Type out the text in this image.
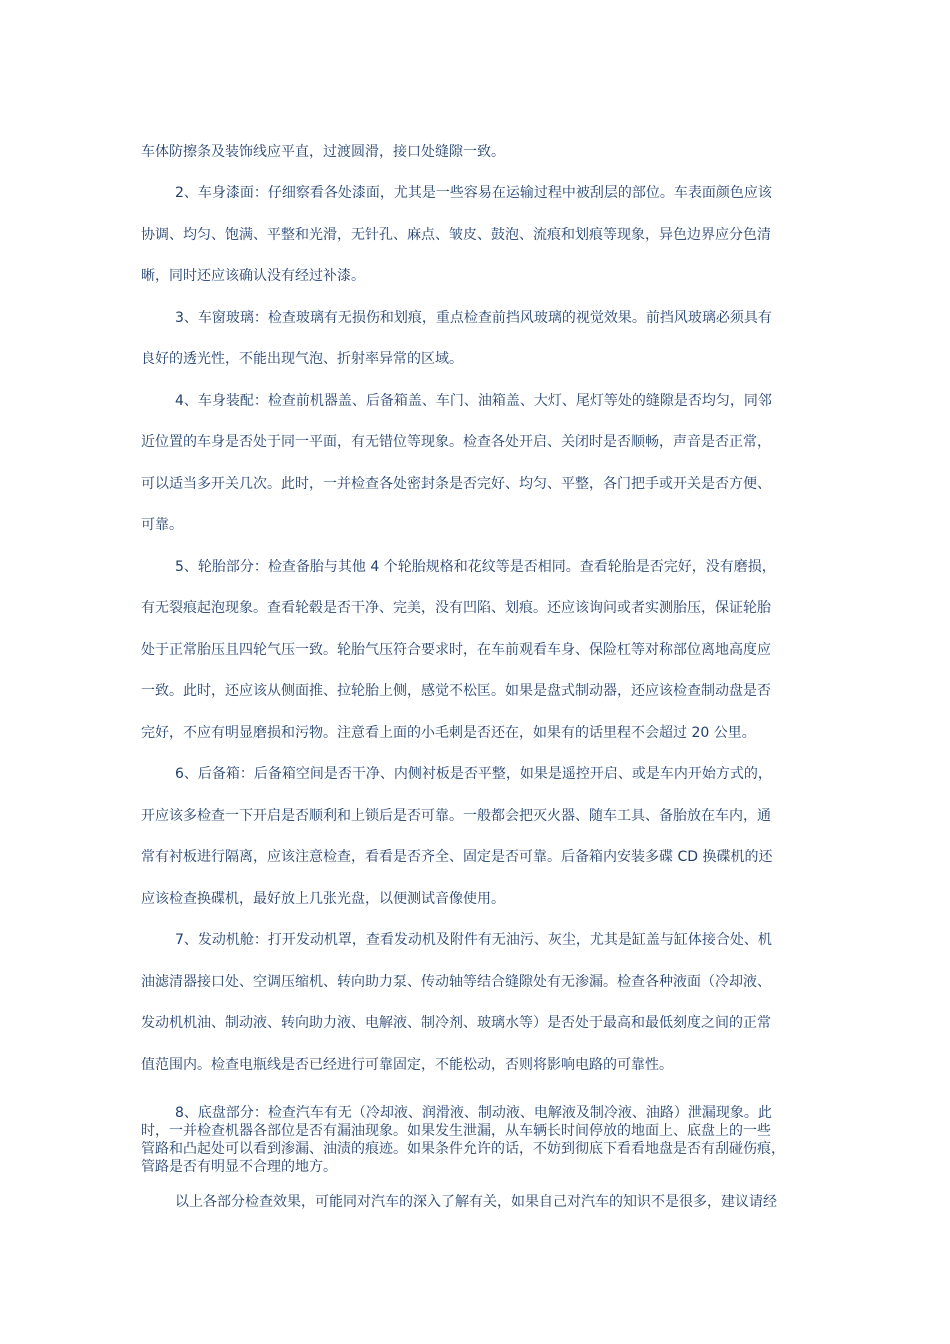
车体防擦条及装饰线应平直，过渡圆滑，接口处缝隙一致。
2、车身漆面：仔细察看各处漆面，尤其是一些容易在运输过程中被刮层的部位。车表面颜色应该
协调、均匀、饱满、平整和光滑，无针孔、麻点、皱皮、鼓泡、流痕和划痕等现象，异色边界应分色清
晰，同时还应该确认没有经过补漆。
3、车窗玻璃：检查玻璃有无损伤和划痕，重点检查前挡风玻璃的视觉效果。前挡风玻璃必须具有
良好的透光性，不能出现气泡、折射率异常的区域。
4、车身装配：检查前机器盖、后备箱盖、车门、油箱盖、大灯、尾灯等处的缝隙是否均匀，同邻
近位置的车身是否处于同一平面，有无错位等现象。检查各处开启、关闭时是否顺畅，声音是否正常，
可以适当多开关几次。此时，一并检查各处密封条是否完好、均匀、平整，各门把手或开关是否方便、
可靠。
5、轮胎部分：检查备胎与其他 4 个轮胎规格和花纹等是否相同。查看轮胎是否完好，没有磨损，
有无裂痕起泡现象。查看轮毂是否干净、完美，没有凹陷、划痕。还应该询问或者实测胎压，保证轮胎
处于正常胎压且四轮气压一致。轮胎气压符合要求时，在车前观看车身、保险杠等对称部位离地高度应
一致。此时，还应该从侧面推、拉轮胎上侧，感觉不松匡。如果是盘式制动器，还应该检查制动盘是否
完好，不应有明显磨损和污物。注意看上面的小毛刺是否还在，如果有的话里程不会超过 20 公里。
6、后备箱：后备箱空间是否干净、内侧衬板是否平整，如果是遥控开启、或是车内开始方式的，
开应该多检查一下开启是否顺利和上锁后是否可靠。一般都会把灭火器、随车工具、备胎放在车内，通
常有衬板进行隔离，应该注意检查，看看是否齐全、固定是否可靠。后备箱内安装多碟 CD 换碟机的还
应该检查换碟机，最好放上几张光盘，以便测试音像使用。
7、发动机舱：打开发动机罩，查看发动机及附件有无油污、灰尘，尤其是缸盖与缸体接合处、机
油滤清器接口处、空调压缩机、转向助力泵、传动轴等结合缝隙处有无渗漏。检查各种液面（冷却液、
发动机机油、制动液、转向助力液、电解液、制冷剂、玻璃水等）是否处于最高和最低刻度之间的正常
值范围内。检查电瓶线是否已经进行可靠固定，不能松动，否则将影响电路的可靠性。
8、底盘部分：检查汽车有无（冷却液、润滑液、制动液、电解液及制冷液、油路）泄漏现象。此
时，一并检查机器各部位是否有漏油现象。如果发生泄漏，从车辆长时间停放的地面上、底盘上的一些
管路和凸起处可以看到渗漏、油渍的痕迹。如果条件允许的话，不妨到彻底下看看地盘是否有刮碰伤痕，
管路是否有明显不合理的地方。
以上各部分检查效果，可能同对汽车的深入了解有关，如果自己对汽车的知识不是很多，建议请经
